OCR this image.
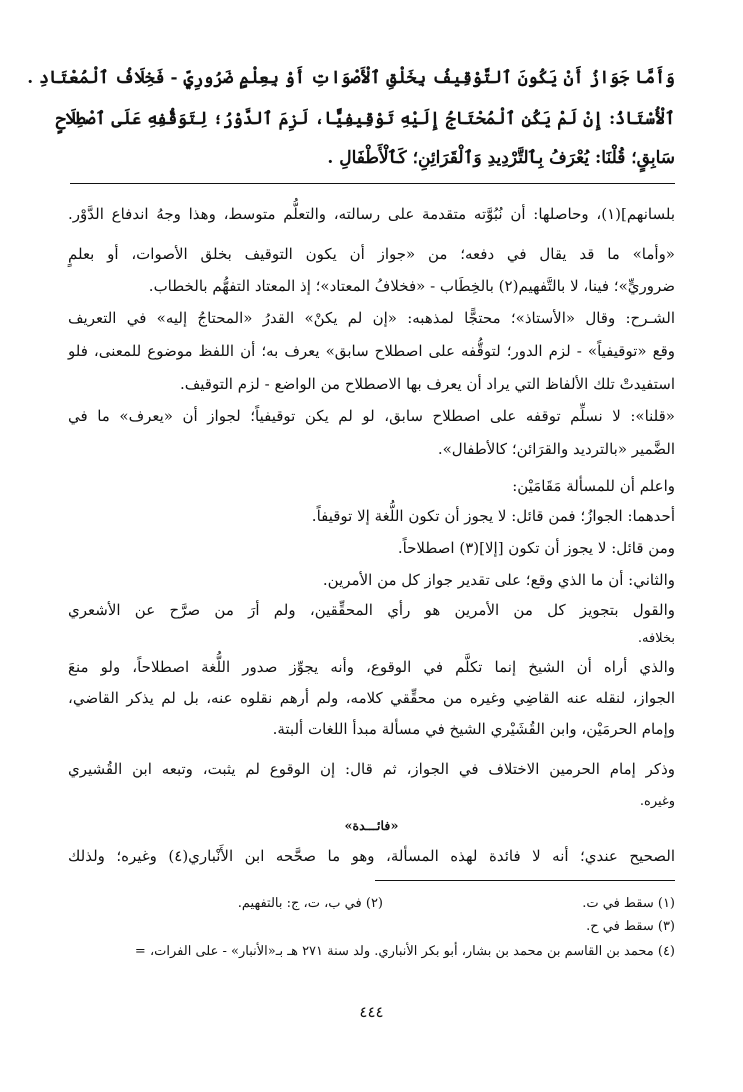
وَأَمَّا جَوَازُ أَنْ يَكُونَ ٱلتَّوْقِيفُ بِخَلْقِ ٱلْأَصْوَاتِ أَوْ بِعِلْمٍ ضَرُورِيٍّ - فَخِلَافُ ٱلْمُعْتَادِ .
ٱلْأُسْتَاذُ: إِنْ لَمْ يَكُنِ ٱلْمُحْتَاجُ إِلَيْهِ تَوْقِيفِيًّا، لَزِمَ ٱلدَّوْرُ؛ لِتَوَقُّفِهِ عَلَى ٱصْطِلَاحٍ
سَابِقٍ؛ قُلْنَا: يُعْرَفُ بِٱلتَّرْدِيدِ وَٱلْقَرَائِنِ؛ كَٱلْأَطْفَالِ .
بلسانهم](١)، وحاصلها: أن نُبُوَّته متقدمة على رسالته، والتعلُّم متوسط، وهذا وجهُ اندفاع الدَّوْر.
«وأما» ما قد يقال في دفعه؛ من «جواز أن يكون التوقيف بخلق الأصوات، أو بعلمٍ
ضروريٍّ»؛ فينا، لا بالتَّفهيم(٢) بالخِطَاب - «فخلافُ المعتاد»؛ إذ المعتاد التفهُّم بالخطاب.
الشـرح: وقال «الأستاذ»؛ محتجًّا لمذهبه: «إن لم يكنْ» القدرُ «المحتاجُ إليه» في التعريف
وقع «توقيفياً» - لزم الدور؛ لتوقُّفه على اصطلاح سابق» يعرف به؛ أن اللفظ موضوع للمعنى، فلو
استفيدتْ تلك الألفاظ التي يراد أن يعرف بها الاصطلاح من الواضع - لزم التوقيف.
«قلنا»: لا نسلِّم توقفه على اصطلاح سابق، لو لم يكن توقيفياً؛ لجواز أن «يعرف» ما في
الضَّمير «بالترديد والقرَائن؛ كالأطفال».
واعلم أن للمسألة مَقَامَيْن:
أحدهما: الجوازُ؛ فمن قائل: لا يجوز أن تكون اللُّغة إلا توقيفاً.
ومن قائل: لا يجوز أن تكون [إلا](٣) اصطلاحاً.
والثاني: أن ما الذي وقع؛ على تقدير جواز كل من الأمرين.
والقول بتجويز كل من الأمرين هو رأي المحقِّقين، ولم أرَ من صرَّح عن الأشعري
بخلافه.
والذي أراه أن الشيخ إنما تكلَّم في الوقوع، وأنه يجوِّز صدور اللُّغة اصطلاحاً، ولو منعَ
الجواز، لنقله عنه القاضِي وغيره من محقِّقي كلامه، ولم أرهم نقلوه عنه، بل لم يذكر القاضي،
وإمام الحرمَيْن، وابن القُشَيْري الشيخ في مسألة مبدأ اللغات ألبتة.
وذكر إمام الحرمين الاختلاف في الجواز، ثم قال: إن الوقوع لم يثبت، وتبعه ابن القُشيري
وغيره.
«فائـــدة»
الصحيح عندي؛ أنه لا فائدة لهذه المسألة، وهو ما صحَّحه ابن الأَنْباري(٤) وغيره؛ ولذلك
(١) سقط في ت.
(٢) في ب، ت، ج: بالتفهيم.
(٣) سقط في ح.
(٤) محمد بن القاسم بن محمد بن بشار، أبو بكر الأنباري. ولد سنة ٢٧١ هـ بـ«الأنبار» - على الفرات، =
٤٤٤
